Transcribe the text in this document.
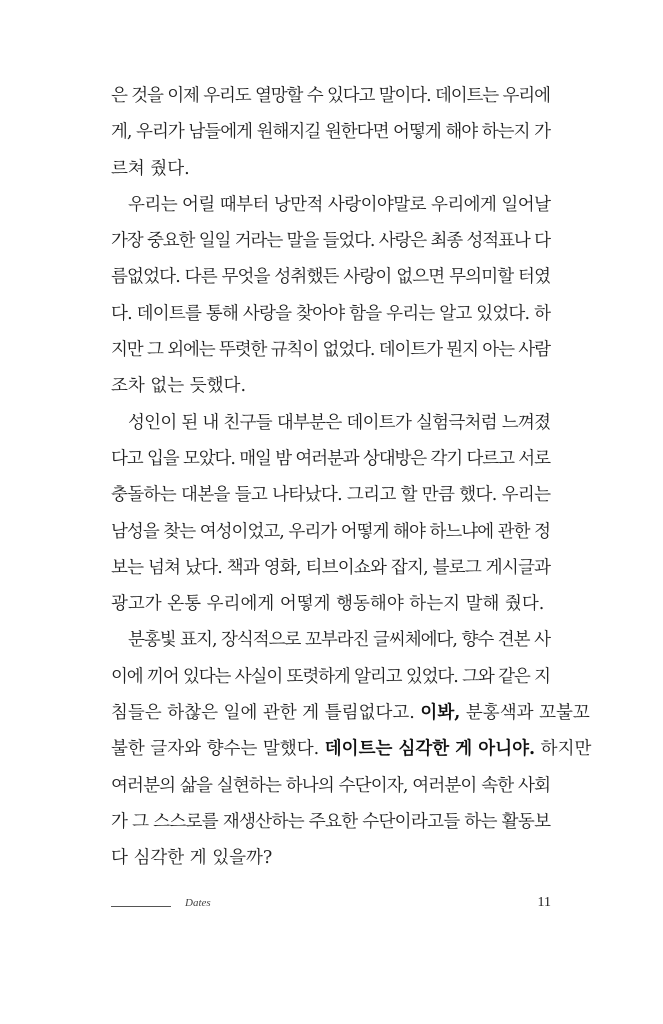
은 것을 이제 우리도 열망할 수 있다고 말이다. 데이트는 우리에
게, 우리가 남들에게 원해지길 원한다면 어떻게 해야 하는지 가
르쳐 줬다.
우리는 어릴 때부터 낭만적 사랑이야말로 우리에게 일어날
가장 중요한 일일 거라는 말을 들었다. 사랑은 최종 성적표나 다
름없었다. 다른 무엇을 성취했든 사랑이 없으면 무의미할 터였
다. 데이트를 통해 사랑을 찾아야 함을 우리는 알고 있었다. 하
지만 그 외에는 뚜렷한 규칙이 없었다. 데이트가 뭔지 아는 사람
조차 없는 듯했다.
성인이 된 내 친구들 대부분은 데이트가 실험극처럼 느껴졌
다고 입을 모았다. 매일 밤 여러분과 상대방은 각기 다르고 서로
충돌하는 대본을 들고 나타났다. 그리고 할 만큼 했다. 우리는
남성을 찾는 여성이었고, 우리가 어떻게 해야 하느냐에 관한 정
보는 넘쳐 났다. 책과 영화, 티브이쇼와 잡지, 블로그 게시글과
광고가 온통 우리에게 어떻게 행동해야 하는지 말해 줬다.
분홍빛 표지, 장식적으로 꼬부라진 글씨체에다, 향수 견본 사
이에 끼어 있다는 사실이 또렷하게 알리고 있었다. 그와 같은 지
침들은 하찮은 일에 관한 게 틀림없다고. 이봐, 분홍색과 꼬불꼬
불한 글자와 향수는 말했다. 데이트는 심각한 게 아니야. 하지만
여러분의 삶을 실현하는 하나의 수단이자, 여러분이 속한 사회
가 그 스스로를 재생산하는 주요한 수단이라고들 하는 활동보
다 심각한 게 있을까?
Dates	11
